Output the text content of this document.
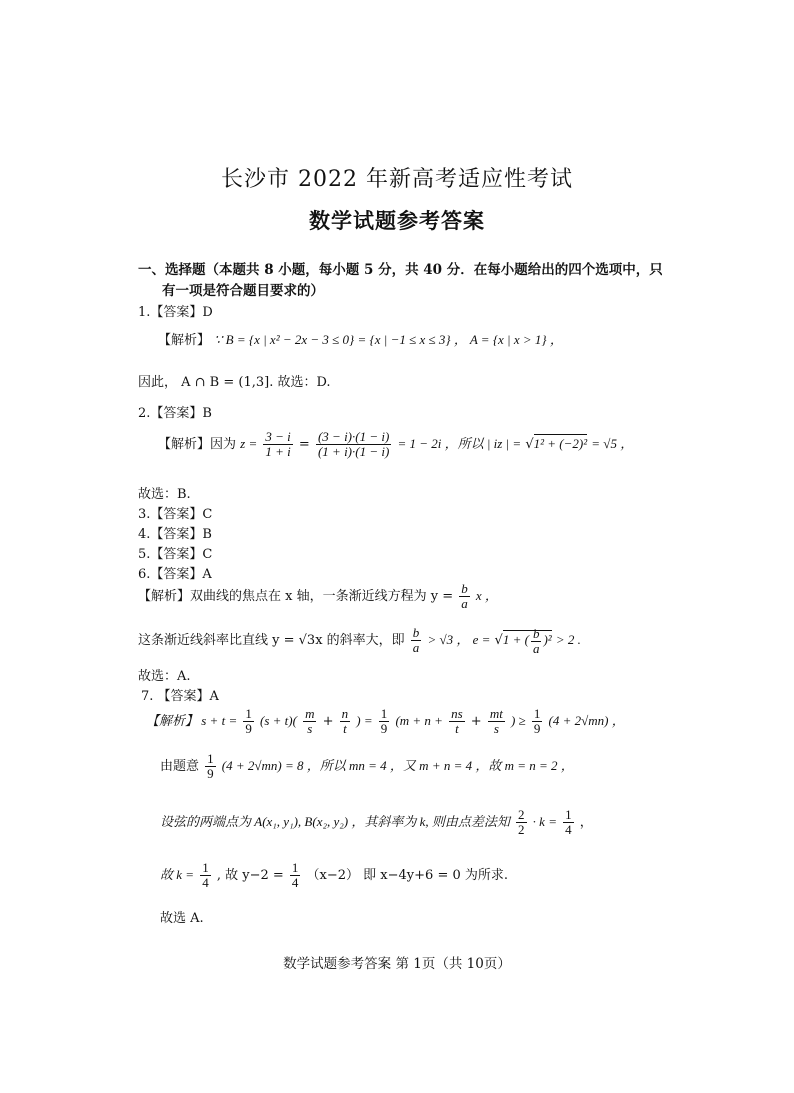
长沙市 2022 年新高考适应性考试
数学试题参考答案
一、选择题（本题共 8 小题，每小题 5 分，共 40 分．在每小题给出的四个选项中，只
有一项是符合题目要求的）
1.【答案】D
【解析】 ∵ B = {x | x² − 2x − 3 ≤ 0} = {x | −1 ≤ x ≤ 3} ， A = {x | x > 1} ，
因此， A ∩ B = (1,3]. 故选：D.
2.【答案】B
【解析】因为 $z = \frac{3 - i}{1 + i} = \frac{(3 - i)\cdot(1 - i)}{(1 + i)\cdot(1 - i)} = 1 - 2i$ ，所以 | iz | = √1² + (−2)² = √5 ，
故选：B.
3.【答案】C
4.【答案】B
5.【答案】C
6.【答案】A
【解析】双曲线的焦点在 x 轴，一条渐近线方程为 $y = \frac{b}{a}$ x ，
这条渐近线斜率比直线 y = √3x 的斜率大，即 $\frac{b}{a} > √3$ ， e = √1 + ( $\frac{b}{a} )^2 > 2$ .
故选：A.
7. 【答案】A
【解析】 $s + t = \frac{1}{9} (s + t)( \frac{m}{s} + \frac{n}{t}$ ) = $\frac{1}{9} (m + n + \frac{ns}{t} + \frac{mt}{s}$ ) ≥ $\frac{1}{9} (4 + 2√mn)$ ，
由题意 $\frac{1}{9} (4 + 2√mn) = 8$ ，所以 mn = 4 ，又 m + n = 4 ，故 m = n = 2 ，
设弦的两端点为 A(x₁, y₁), B(x₂, y₂) ，其斜率为 k, 则由点差法知 $\frac{2}{2} \cdot k = \frac{1}{4}$ ，
故 $k = \frac{1}{4}$ , 故 $y-2 = \frac{1}{4} (x-2)$ 即 x−4y+6 = 0 为所求.
故选 A.
数学试题参考答案 第 1页（共 10页）
